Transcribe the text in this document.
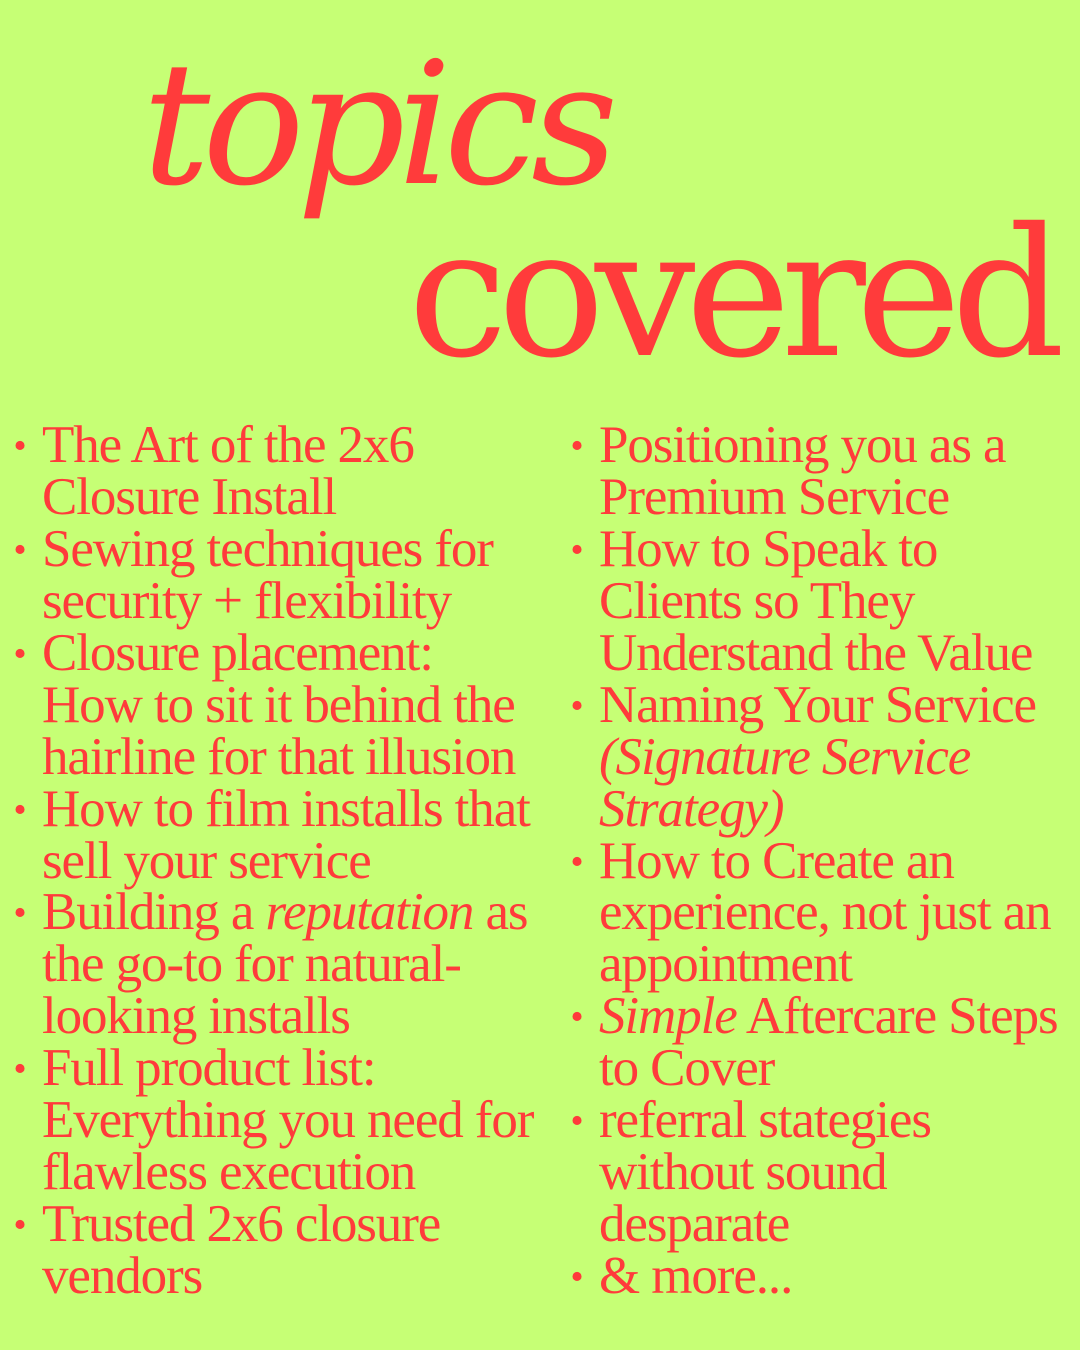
topics
covered
• The Art of the 2x6
Closure Install
• Sewing techniques for
security + flexibility
• Closure placement:
How to sit it behind the
hairline for that illusion
• How to film installs that
sell your service
• Building a reputation as
the go-to for natural-
looking installs
• Full product list:
Everything you need for
flawless execution
• Trusted 2x6 closure
vendors
• Positioning you as a
Premium Service
• How to Speak to
Clients so They
Understand the Value
• Naming Your Service
(Signature Service
Strategy)
• How to Create an
experience, not just an
appointment
• Simple Aftercare Steps
to Cover
• referral stategies
without sound
desparate
• & more...
